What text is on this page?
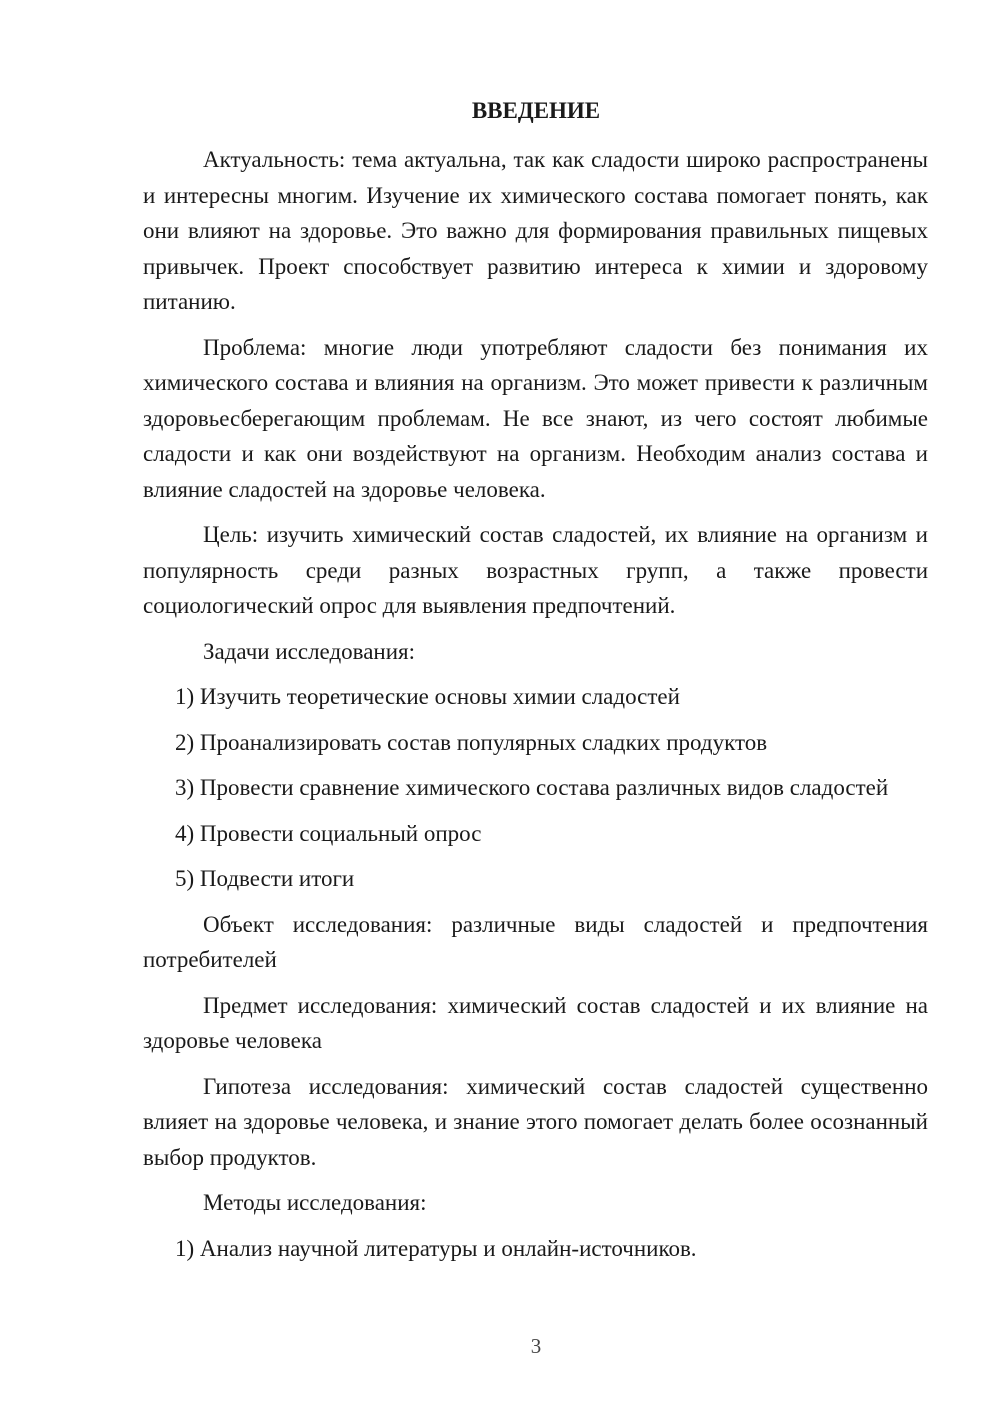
ВВЕДЕНИЕ

Актуальность: тема актуальна, так как сладости широко распространены и интересны многим. Изучение их химического состава помогает понять, как они влияют на здоровье. Это важно для формирования правильных пищевых привычек. Проект способствует развитию интереса к химии и здоровому питанию.

Проблема: многие люди употребляют сладости без понимания их химического состава и влияния на организм. Это может привести к различным здоровьесберегающим проблемам. Не все знают, из чего состоят любимые сладости и как они воздействуют на организм. Необходим анализ состава и влияние сладостей на здоровье человека.

Цель: изучить химический состав сладостей, их влияние на организм и популярность среди разных возрастных групп, а также провести социологический опрос для выявления предпочтений.

Задачи исследования:

1) Изучить теоретические основы химии сладостей

2) Проанализировать состав популярных сладких продуктов

3) Провести сравнение химического состава различных видов сладостей

4) Провести социальный опрос

5) Подвести итоги

Объект исследования: различные виды сладостей и предпочтения потребителей

Предмет исследования: химический состав сладостей и их влияние на здоровье человека

Гипотеза исследования: химический состав сладостей существенно влияет на здоровье человека, и знание этого помогает делать более осознанный выбор продуктов.

Методы исследования:

1) Анализ научной литературы и онлайн-источников.

3
